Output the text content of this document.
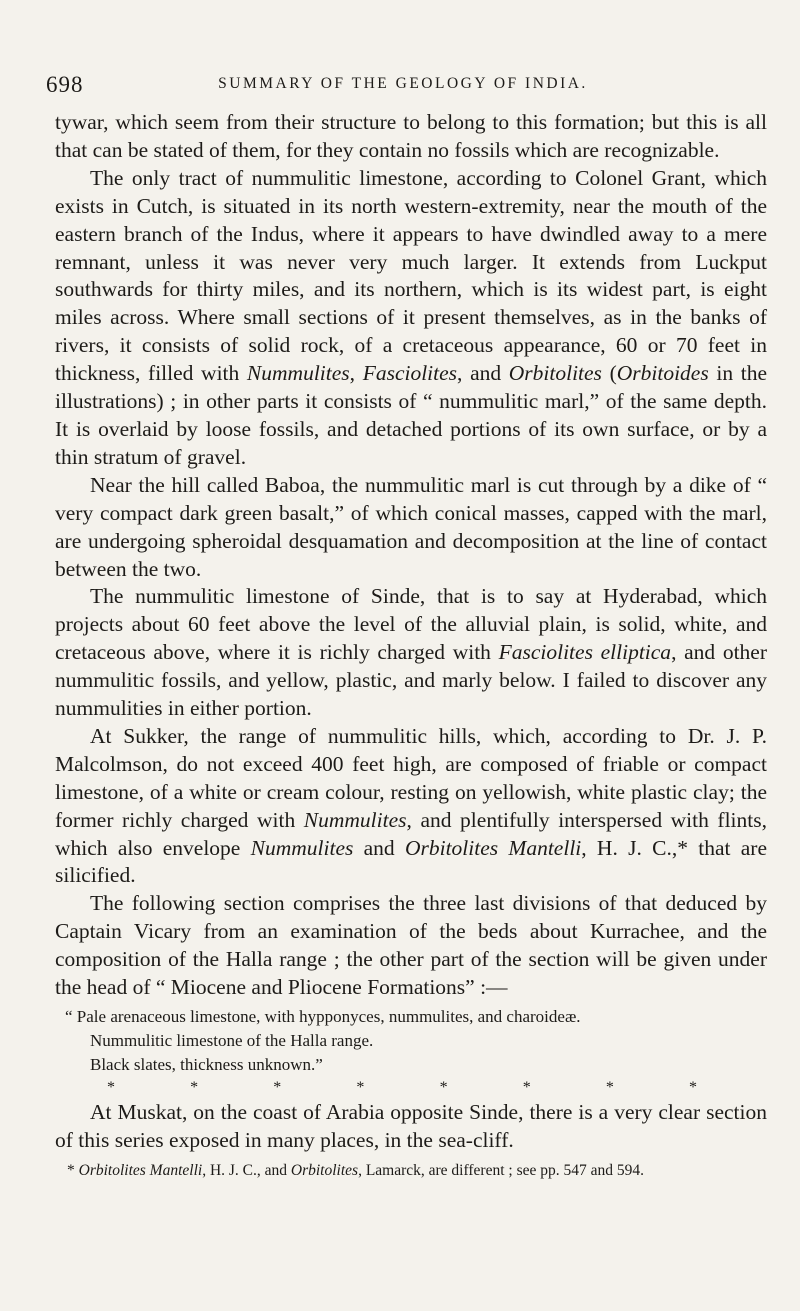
698	SUMMARY OF THE GEOLOGY OF INDIA.

tywar, which seem from their structure to belong to this formation; but this is all that can be stated of them, for they contain no fossils which are recognizable.

The only tract of nummulitic limestone, according to Colonel Grant, which exists in Cutch, is situated in its north western-extremity, near the mouth of the eastern branch of the Indus, where it appears to have dwindled away to a mere remnant, unless it was never very much larger. It extends from Luckput southwards for thirty miles, and its northern, which is its widest part, is eight miles across. Where small sections of it present themselves, as in the banks of rivers, it consists of solid rock, of a cretaceous appearance, 60 or 70 feet in thickness, filled with Nummulites, Fasciolites, and Orbitolites (Orbitoides in the illustrations) ; in other parts it consists of “ nummulitic marl,” of the same depth. It is overlaid by loose fossils, and detached portions of its own surface, or by a thin stratum of gravel.

Near the hill called Baboa, the nummulitic marl is cut through by a dike of “ very compact dark green basalt,” of which conical masses, capped with the marl, are undergoing spheroidal desquamation and decomposition at the line of contact between the two.

The nummulitic limestone of Sinde, that is to say at Hyderabad, which projects about 60 feet above the level of the alluvial plain, is solid, white, and cretaceous above, where it is richly charged with Fasciolites elliptica, and other nummulitic fossils, and yellow, plastic, and marly below. I failed to discover any nummulities in either portion.

At Sukker, the range of nummulitic hills, which, according to Dr. J. P. Malcolmson, do not exceed 400 feet high, are composed of friable or compact limestone, of a white or cream colour, resting on yellowish, white plastic clay; the former richly charged with Nummulites, and plentifully interspersed with flints, which also envelope Nummulites and Orbitolites Mantelli, H. J. C.,* that are silicified.

The following section comprises the three last divisions of that deduced by Captain Vicary from an examination of the beds about Kurrachee, and the composition of the Halla range ; the other part of the section will be given under the head of “ Miocene and Pliocene Formations” :—

“ Pale arenaceous limestone, with hypponyces, nummulites, and charoideæ.
Nummulitic limestone of the Halla range.
Black slates, thickness unknown.”
*	*	*	*	*	*	*	*

At Muskat, on the coast of Arabia opposite Sinde, there is a very clear section of this series exposed in many places, in the sea-cliff.

* Orbitolites Mantelli, H. J. C., and Orbitolites, Lamarck, are different ; see pp. 547 and 594.
